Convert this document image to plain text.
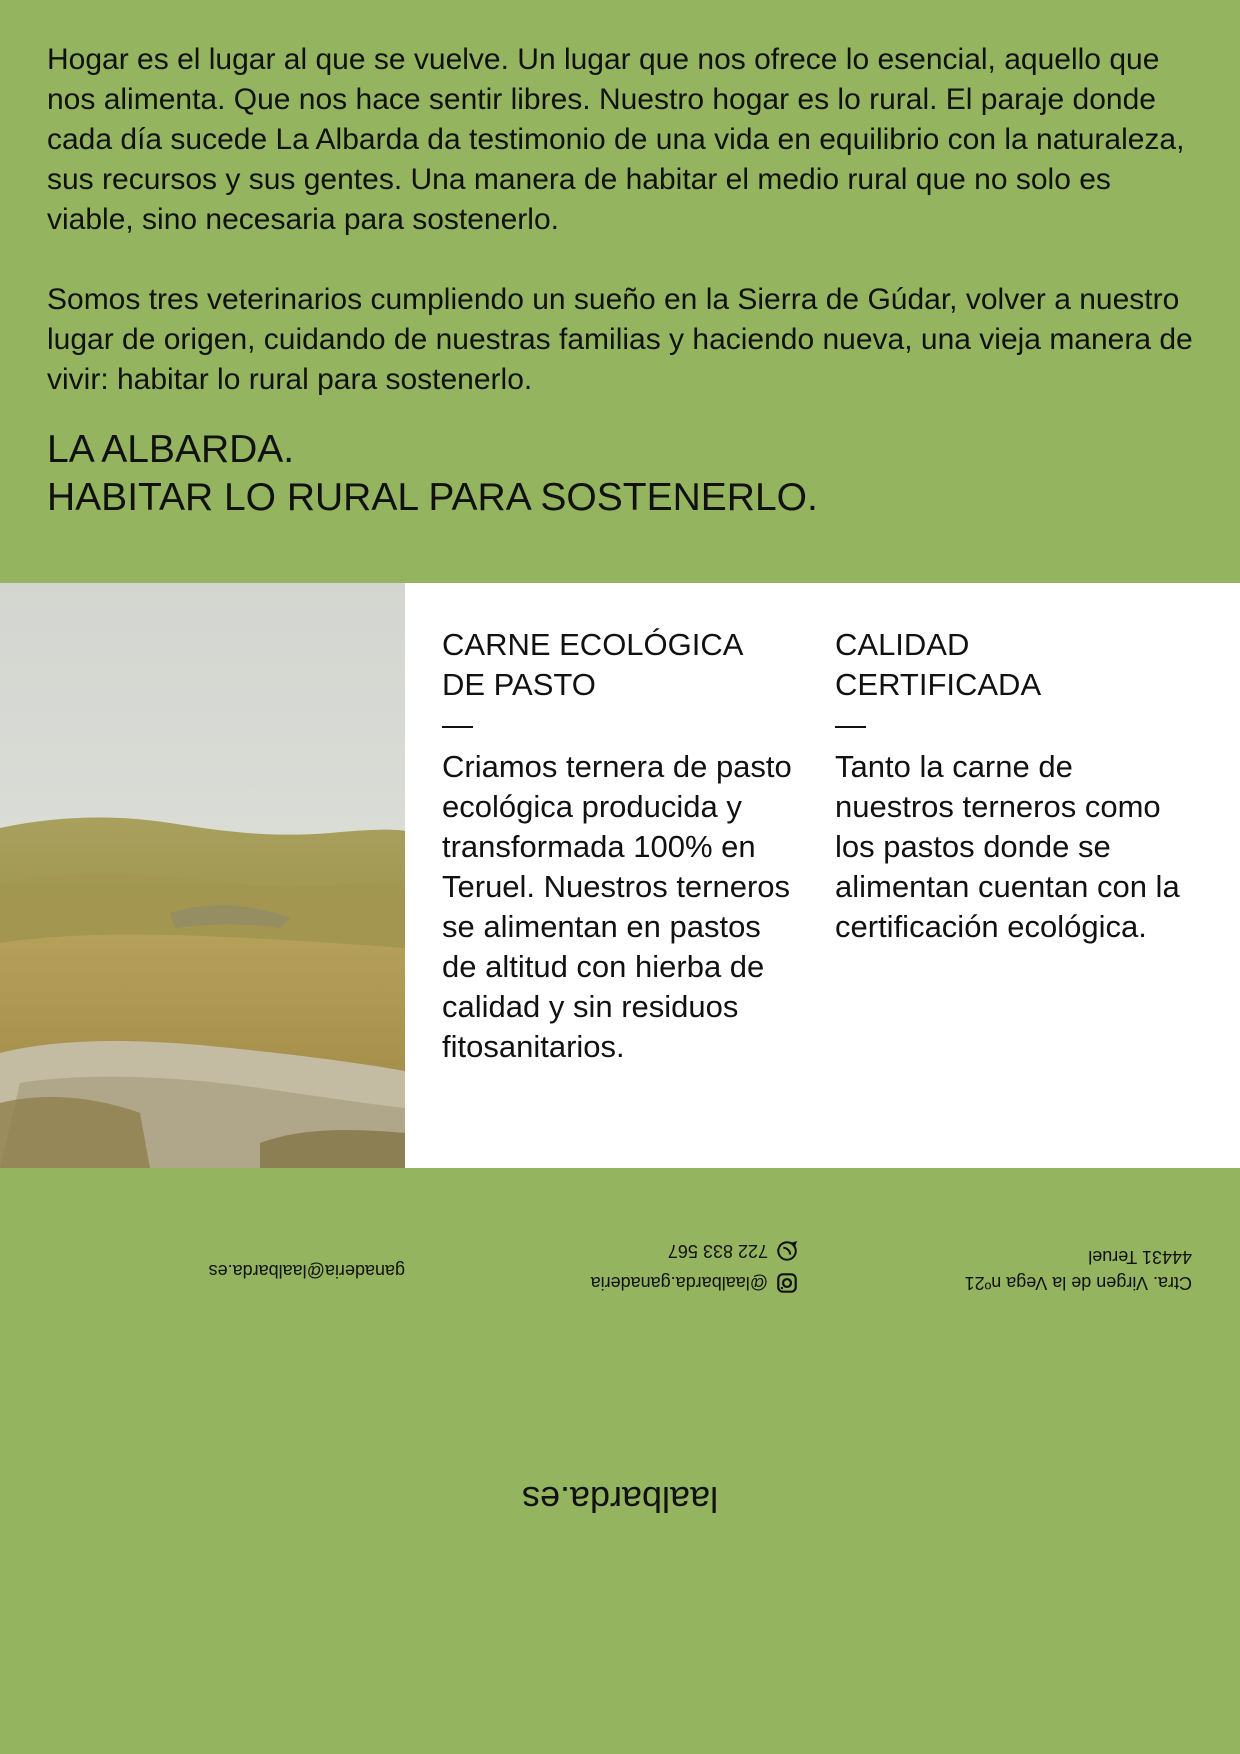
Hogar es el lugar al que se vuelve. Un lugar que nos ofrece lo esencial, aquello que nos alimenta. Que nos hace sentir libres. Nuestro hogar es lo rural. El paraje donde cada día sucede La Albarda da testimonio de una vida en equilibrio con la naturaleza, sus recursos y sus gentes. Una manera de habitar el medio rural que no solo es viable, sino necesaria para sostenerlo.

Somos tres veterinarios cumpliendo un sueño en la Sierra de Gúdar, volver a nuestro lugar de origen, cuidando de nuestras familias y haciendo nueva, una vieja manera de vivir: habitar lo rural para sostenerlo.

LA ALBARDA.
HABITAR LO RURAL PARA SOSTENERLO.
CARNE ECOLÓGICA
DE PASTO
—

Criamos ternera de pasto ecológica producida y transformada 100% en Teruel. Nuestros terneros se alimentan en pastos de altitud con hierba de calidad y sin residuos fitosanitarios.

CALIDAD
CERTIFICADA
—

Tanto la carne de nuestros terneros como los pastos donde se alimentan cuentan con la certificación ecológica.

laalbarda.es
Ctra. Virgen de la Vega nº21
44431 Teruel
@laalbarda.ganaderia
722 833 567
ganaderia@laalbarda.es
